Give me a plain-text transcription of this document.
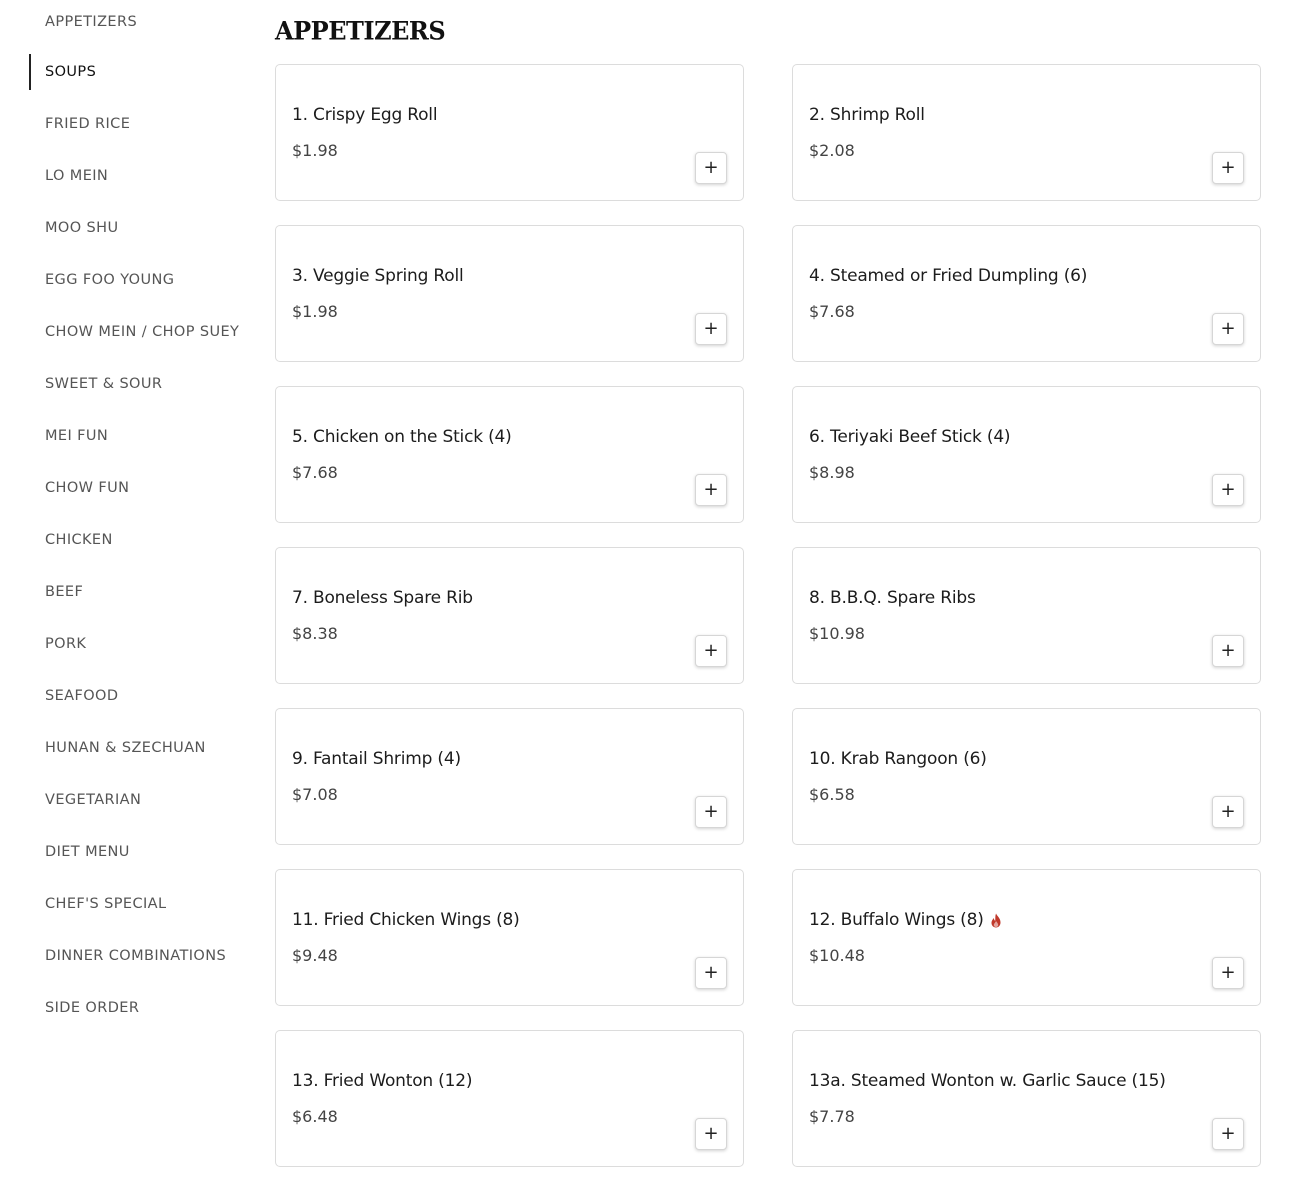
APPETIZERS
SOUPS
FRIED RICE
LO MEIN
MOO SHU
EGG FOO YOUNG
CHOW MEIN / CHOP SUEY
SWEET & SOUR
MEI FUN
CHOW FUN
CHICKEN
BEEF
PORK
SEAFOOD
HUNAN & SZECHUAN
VEGETARIAN
DIET MENU
CHEF'S SPECIAL
DINNER COMBINATIONS
SIDE ORDER
APPETIZERS
1. Crispy Egg Roll
$1.98
+
2. Shrimp Roll
$2.08
+
3. Veggie Spring Roll
$1.98
+
4. Steamed or Fried Dumpling (6)
$7.68
+
5. Chicken on the Stick (4)
$7.68
+
6. Teriyaki Beef Stick (4)
$8.98
+
7. Boneless Spare Rib
$8.38
+
8. B.B.Q. Spare Ribs
$10.98
+
9. Fantail Shrimp (4)
$7.08
+
10. Krab Rangoon (6)
$6.58
+
11. Fried Chicken Wings (8)
$9.48
+
12. Buffalo Wings (8)
$10.48
+
13. Fried Wonton (12)
$6.48
+
13a. Steamed Wonton w. Garlic Sauce (15)
$7.78
+
